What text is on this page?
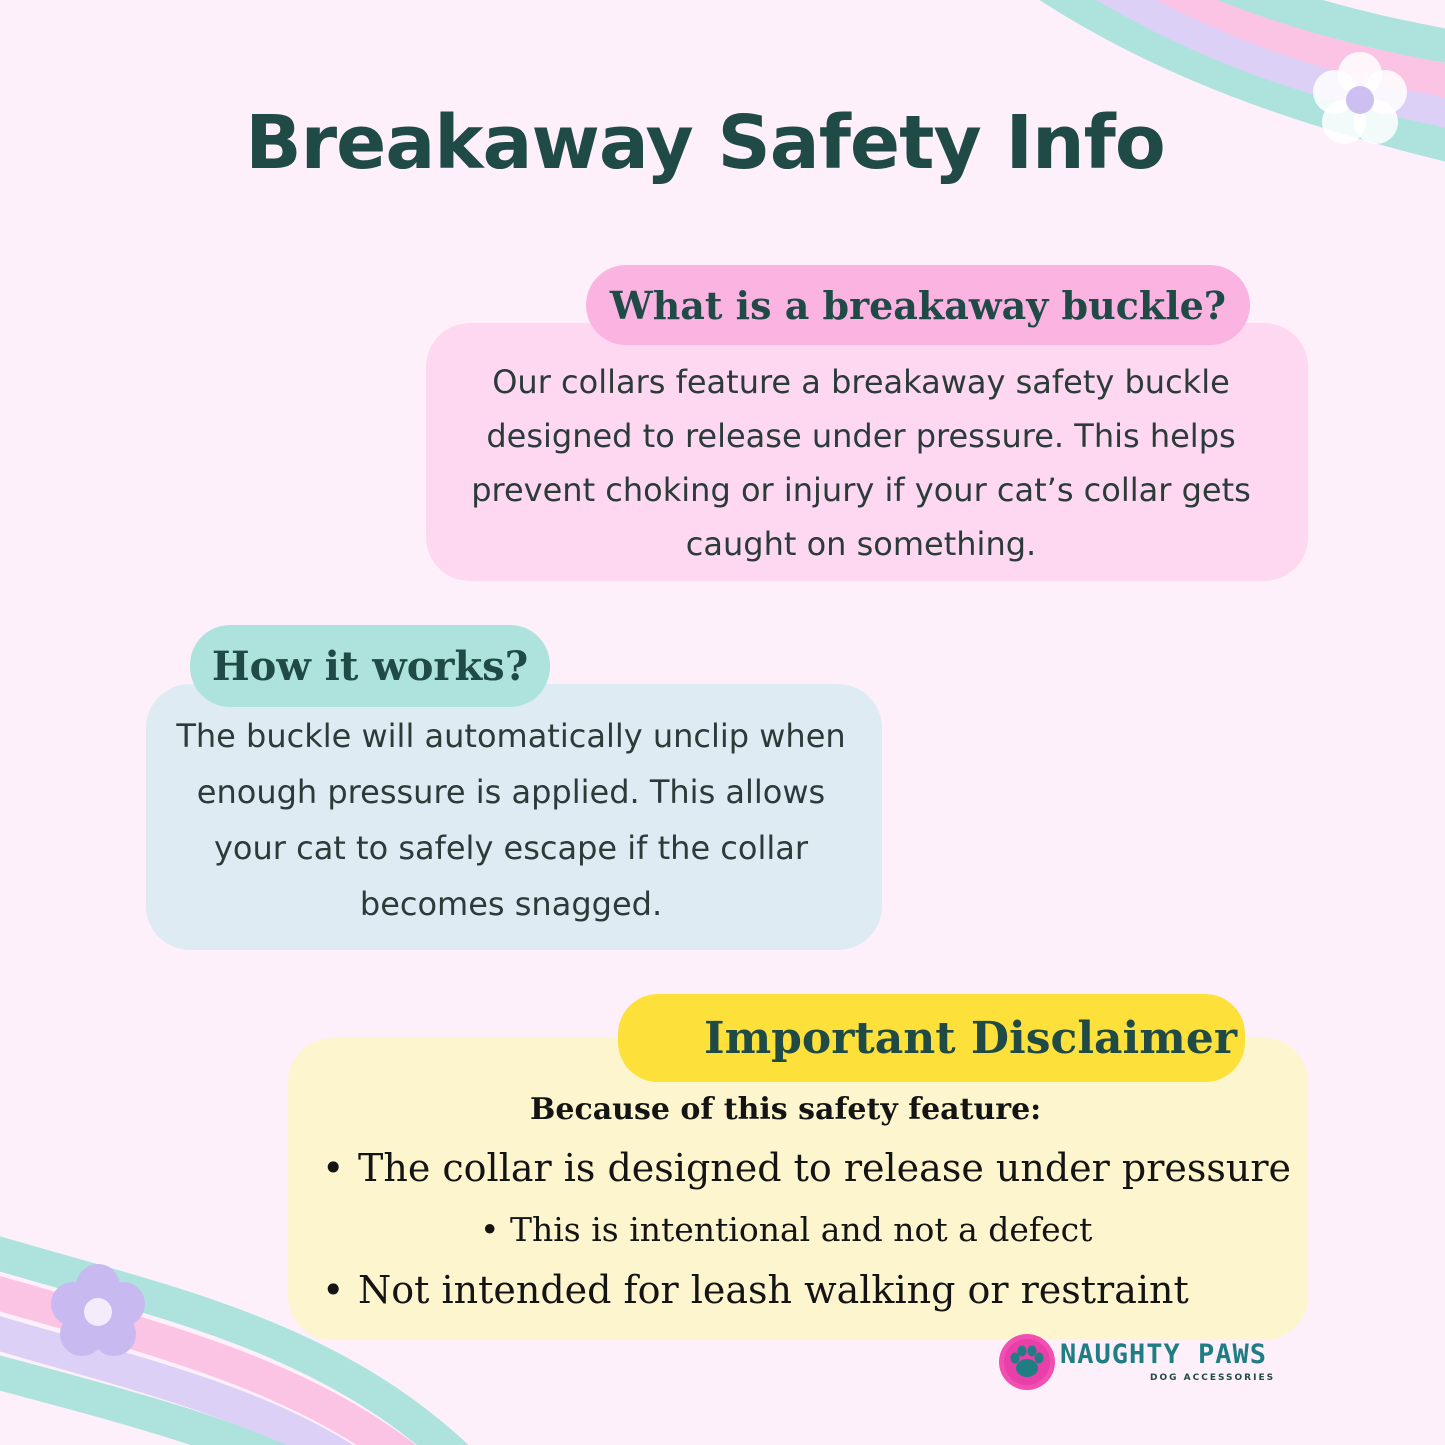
Breakaway Safety Info
What is a breakaway buckle?
Our collars feature a breakaway safety buckle
designed to release under pressure. This helps
prevent choking or injury if your cat’s collar gets
caught on something.
How it works?
The buckle will automatically unclip when
enough pressure is applied. This allows
your cat to safely escape if the collar
becomes snagged.
Important Disclaimer
Because of this safety feature:
• The collar is designed to release under pressure
• This is intentional and not a defect
• Not intended for leash walking or restraint
NAUGHTY PAWS
DOG ACCESSORIES
